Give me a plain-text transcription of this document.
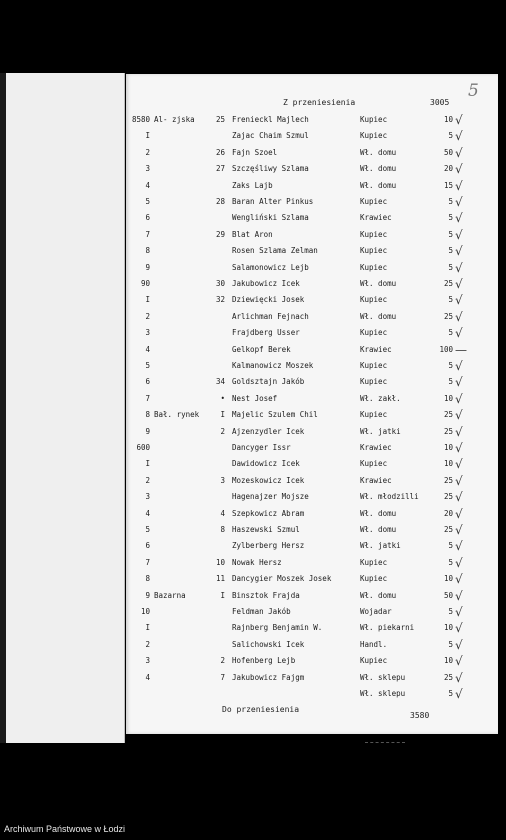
5
Z przeniesienia	3005
8580 Al- zjska	25 Frenieckl Majlech	Kupiec	10 √
I	Zajac Chaim Szmul	Kupiec	5 √
2	26 Fajn Szoel	Wł. domu	50 √
3	27 Szczęśliwy Szlama	Wł. domu	20 √
4	Zaks Lajb	Wł. domu	15 √
5	28 Baran Alter Pinkus	Kupiec	5 √
6	Wengliński Szlama	Krawiec	5 √
7	29 Blat Aron	Kupiec	5 √
8	Rosen Szlama Zelman	Kupiec	5 √
9	Salamonowicz Lejb	Kupiec	5 √
90	30 Jakubowicz Icek	Wł. domu	25 √
I	32 Dziewięcki Josek	Kupiec	5 √
2	Arlichman Fejnach	Wł. domu	25 √
3	Frajdberg Usser	Kupiec	5 √
4	Gelkopf Berek	Krawiec	100 —
5	Kalmanowicz Moszek	Kupiec	5 √
6	34 Goldsztajn Jakób	Kupiec	5 √
7	• Nest Josef	Wł. zakł.	10 √
8 Bał. rynek	I Majelic Szulem Chil	Kupiec	25 √
9	2 Ajzenzydler Icek	Wł. jatki	25 √
600	Dancyger Issr	Krawiec	10 √
I	Dawidowicz Icek	Kupiec	10 √
2	3 Mozeskowicz Icek	Krawiec	25 √
3	Hagenajzer Mojsze	Wł. młodzilli	25 √
4	4 Szepkowicz Abram	Wł. domu	20 √
5	8 Haszewski Szmul	Wł. domu	25 √
6	Zylberberg Hersz	Wł. jatki	5 √
7	10 Nowak Hersz	Kupiec	5 √
8	11 Dancygier Moszek Josek	Kupiec	10 √
9 Bazarna	I Binsztok Frajda	Wł. domu	50 √
10	Feldman Jakób	Wojadar	5 √
I	Rajnberg Benjamin W.	Wł. piekarni	10 √
2	Salichowski Icek	Handl.	5 √
3	2 Hofenberg Lejb	Kupiec	10 √
4	7 Jakubowicz Fajgm	Wł. sklepu	25 √
Wł. sklepu	5 √
Do przeniesienia
3580
Archiwum Państwowe w Łodzi
